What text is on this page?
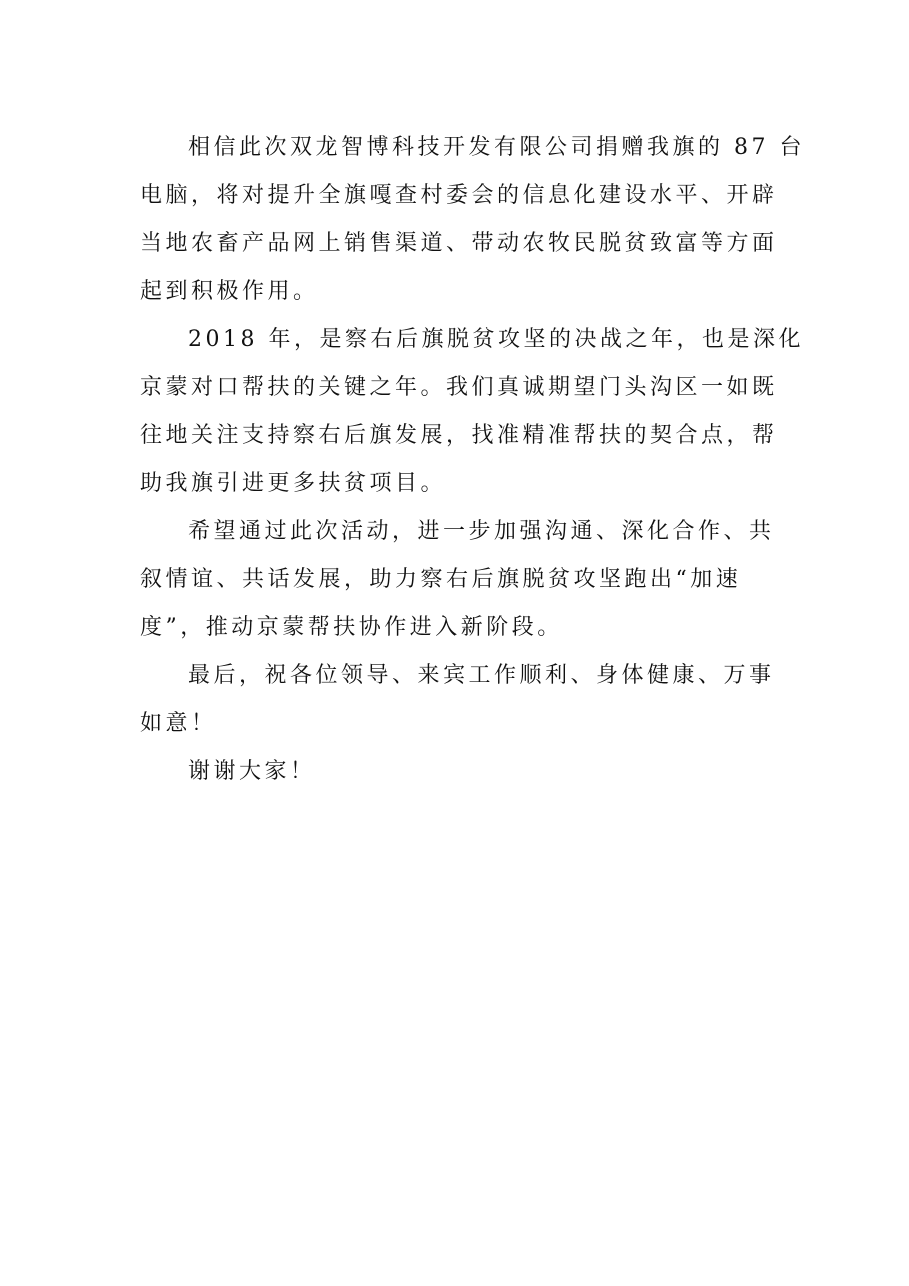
相信此次双龙智博科技开发有限公司捐赠我旗的 87 台
电脑，将对提升全旗嘎查村委会的信息化建设水平、开辟
当地农畜产品网上销售渠道、带动农牧民脱贫致富等方面
起到积极作用。
2018 年，是察右后旗脱贫攻坚的决战之年，也是深化
京蒙对口帮扶的关键之年。我们真诚期望门头沟区一如既
往地关注支持察右后旗发展，找准精准帮扶的契合点，帮
助我旗引进更多扶贫项目。
希望通过此次活动，进一步加强沟通、深化合作、共
叙情谊、共话发展，助力察右后旗脱贫攻坚跑出“加速
度”，推动京蒙帮扶协作进入新阶段。
最后，祝各位领导、来宾工作顺利、身体健康、万事
如意！
谢谢大家！
